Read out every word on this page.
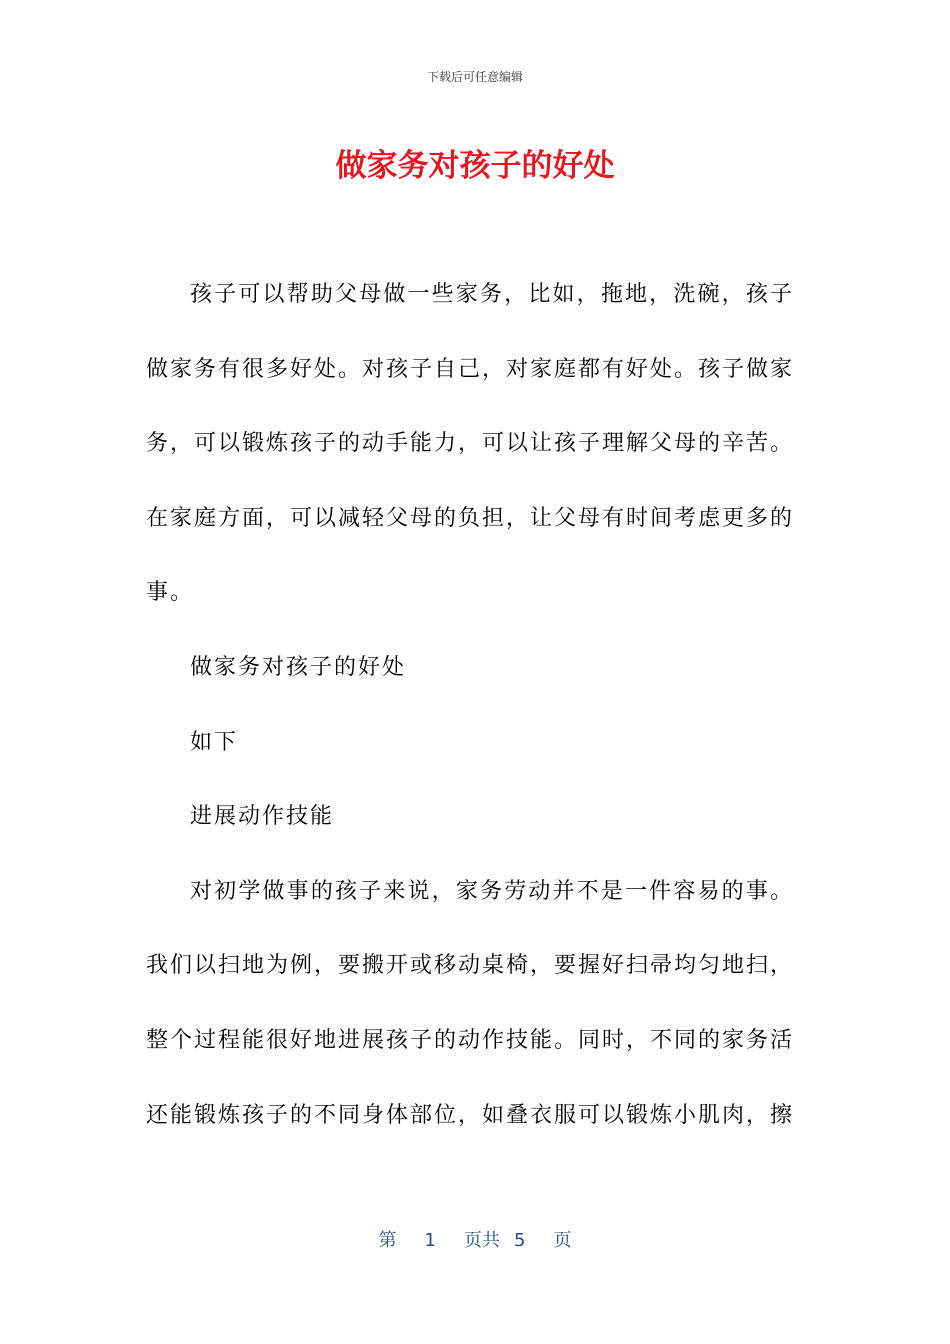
下载后可任意编辑
做家务对孩子的好处

孩子可以帮助父母做一些家务，比如，拖地，洗碗，孩子做家务有很多好处。对孩子自己，对家庭都有好处。孩子做家务，可以锻炼孩子的动手能力，可以让孩子理解父母的辛苦。在家庭方面，可以减轻父母的负担，让父母有时间考虑更多的事。

做家务对孩子的好处

如下

进展动作技能

对初学做事的孩子来说，家务劳动并不是一件容易的事。我们以扫地为例，要搬开或移动桌椅，要握好扫帚均匀地扫，整个过程能很好地进展孩子的动作技能。同时，不同的家务活还能锻炼孩子的不同身体部位，如叠衣服可以锻炼小肌肉，擦

第 1 页共 5 页
